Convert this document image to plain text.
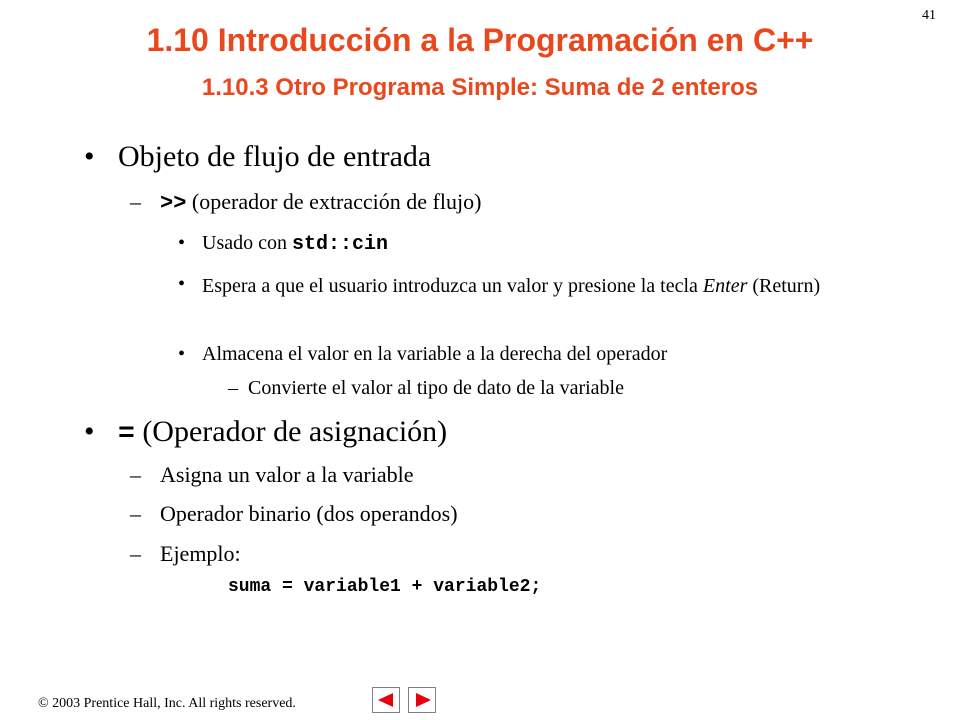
41
1.10 Introducción a la Programación en C++
1.10.3 Otro Programa Simple: Suma de 2 enteros
• Objeto de flujo de entrada
– >> (operador de extracción de flujo)
• Usado con std::cin
• Espera a que el usuario introduzca un valor y presione la tecla Enter (Return)
• Almacena el valor en la variable a la derecha del operador
– Convierte el valor al tipo de dato de la variable
• = (Operador de asignación)
– Asigna un valor a la variable
– Operador binario (dos operandos)
– Ejemplo:
suma = variable1 + variable2;
© 2003 Prentice Hall, Inc. All rights reserved.
